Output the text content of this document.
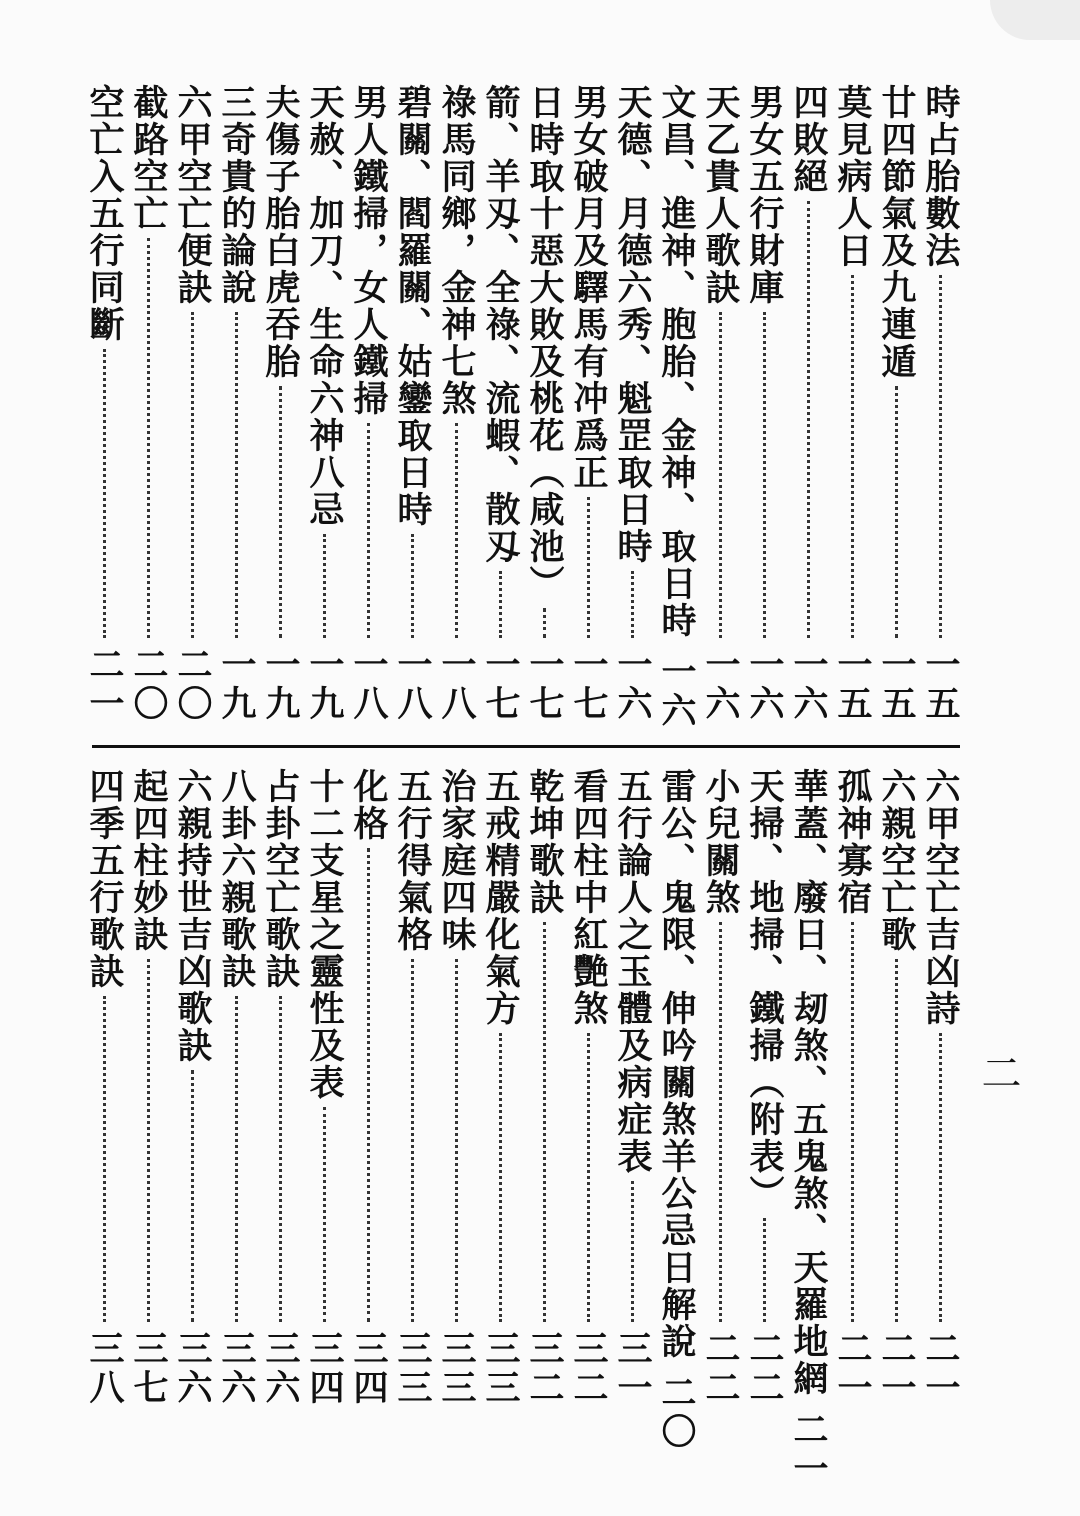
時占胎數法
一五
廿四節氣及九連遁
一五
莫見病人日
一五
四敗絕
一六
男女五行財庫
一六
天乙貴人歌訣
一六
文昌、進神、胞胎、金神、取日時
一六
天德、月德六秀、魁罡取日時
一六
男女破月及驛馬有冲爲正
一七
日時取十惡大敗及桃花（咸池）
一七
箭、羊刄、全祿、流蝦、散刄
一七
祿馬同鄉，金神七煞
一八
碧關、閻羅關、姑鑾取日時
一八
男人鐵掃，女人鐵掃
一八
天赦、加刀、生命六神八忌
一九
夫傷子胎白虎吞胎
一九
三奇貴的論說
一九
六甲空亡便訣
二〇
截路空亡
二〇
空亡入五行同斷
二一
六甲空亡吉凶詩
二一
六親空亡歌
二一
孤神寡宿
二一
華蓋、廢日、刼煞、五鬼煞、天羅地網
二一
天掃、地掃、鐵掃（附表）
二二
小兒關煞
二二
雷公、鬼限、伸吟關煞羊公忌日解說
二〇
五行論人之玉體及病症表
三一
看四柱中紅艷煞
三二
乾坤歌訣
三二
五戒精嚴化氣方
三三
治家庭四味
三三
五行得氣格
三三
化格
三四
十二支星之靈性及表
三四
占卦空亡歌訣
三六
八卦六親歌訣
三六
六親持世吉凶歌訣
三六
起四柱妙訣
三七
四季五行歌訣
三八
二
